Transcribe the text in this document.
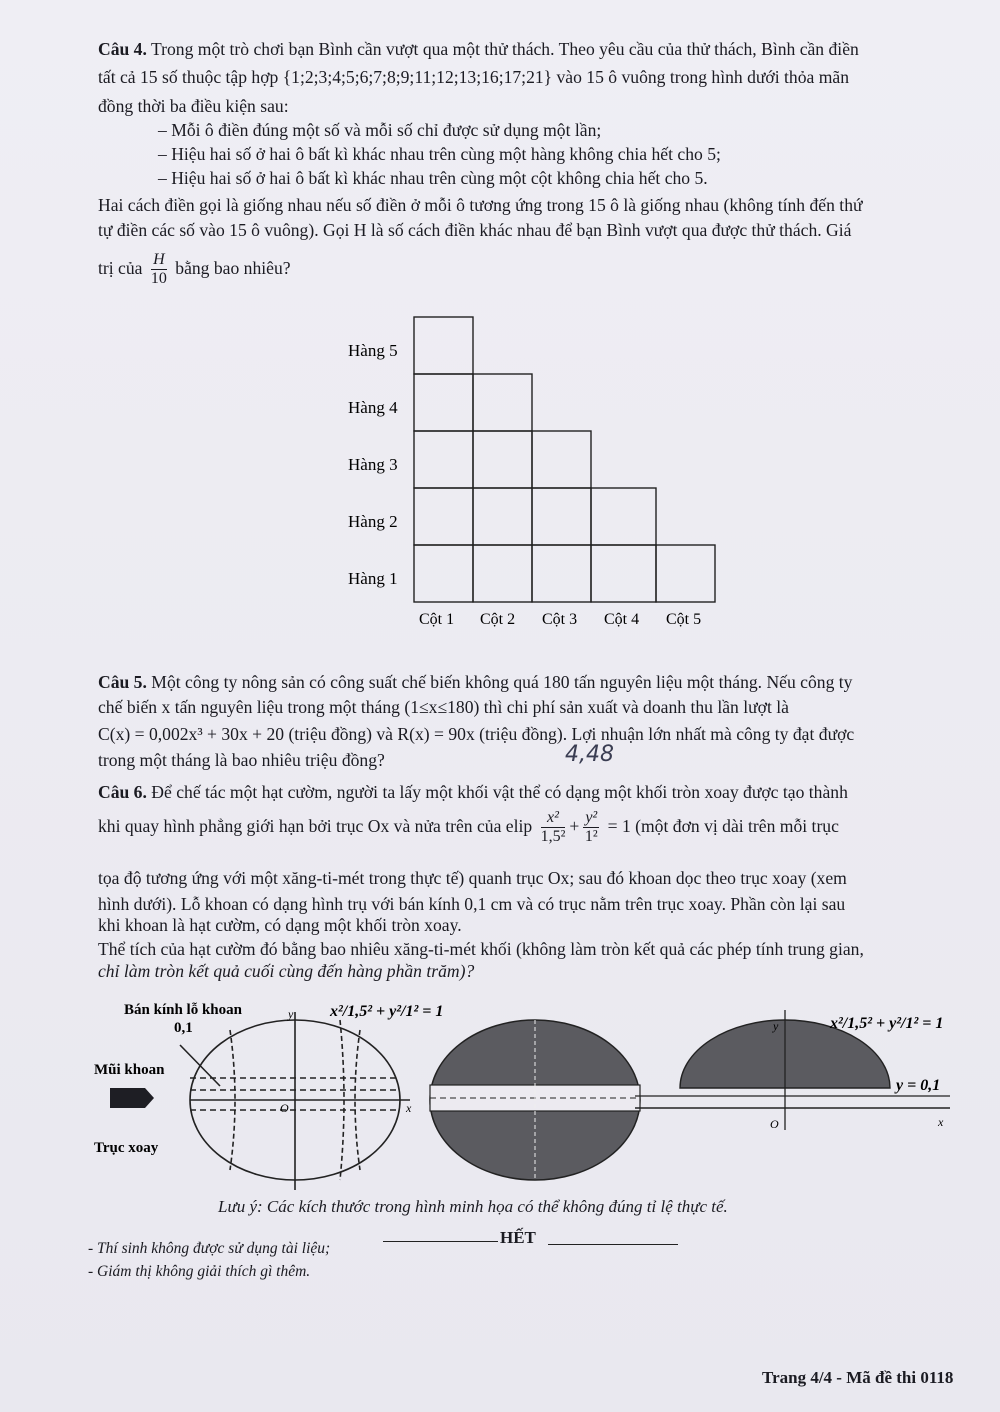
Câu 4. Trong một trò chơi bạn Bình cần vượt qua một thử thách. Theo yêu cầu của thử thách, Bình cần điền
tất cả 15 số thuộc tập hợp {1;2;3;4;5;6;7;8;9;11;12;13;16;17;21} vào 15 ô vuông trong hình dưới thỏa mãn
đồng thời ba điều kiện sau:
– Mỗi ô điền đúng một số và mỗi số chỉ được sử dụng một lần;
– Hiệu hai số ở hai ô bất kì khác nhau trên cùng một hàng không chia hết cho 5;
– Hiệu hai số ở hai ô bất kì khác nhau trên cùng một cột không chia hết cho 5.
Hai cách điền gọi là giống nhau nếu số điền ở mỗi ô tương ứng trong 15 ô là giống nhau (không tính đến thứ
tự điền các số vào 15 ô vuông). Gọi H là số cách điền khác nhau để bạn Bình vượt qua được thử thách. Giá
trị của $\frac{H}{10}$ bằng bao nhiêu?
Hàng 5
Hàng 4
Hàng 3
Hàng 2
Hàng 1
Cột 1 Cột 2 Cột 3 Cột 4 Cột 5
Câu 5. Một công ty nông sản có công suất chế biến không quá 180 tấn nguyên liệu một tháng. Nếu công ty
chế biến x tấn nguyên liệu trong một tháng (1≤x≤180) thì chi phí sản xuất và doanh thu lần lượt là
C(x) = 0,002x³ + 30x + 20 (triệu đồng) và R(x) = 90x (triệu đồng). Lợi nhuận lớn nhất mà công ty đạt được
trong một tháng là bao nhiêu triệu đồng?	4,48
Câu 6. Để chế tác một hạt cườm, người ta lấy một khối vật thể có dạng một khối tròn xoay được tạo thành
khi quay hình phẳng giới hạn bởi trục Ox và nửa trên của elip $\frac{\text{x²}}{\text{1,5²}} + \frac{\text{y²}}{\text{1²}} = 1$ (một đơn vị dài trên mỗi trục
tọa độ tương ứng với một xăng-ti-mét trong thực tế) quanh trục Ox; sau đó khoan dọc theo trục xoay (xem
hình dưới). Lỗ khoan có dạng hình trụ với bán kính 0,1 cm và có trục nằm trên trục xoay. Phần còn lại sau
khi khoan là hạt cườm, có dạng một khối tròn xoay.
Thể tích của hạt cườm đó bằng bao nhiêu xăng-ti-mét khối (không làm tròn kết quả các phép tính trung gian,
chỉ làm tròn kết quả cuối cùng đến hàng phần trăm)?
Bán kính lỗ khoan
0,1
Mũi khoan
Trục xoay
y
O	x
x²/1,5² + y²/1² = 1
y
O	x
x²/1,5² + y²/1² = 1
y = 0,1
Lưu ý: Các kích thước trong hình minh họa có thể không đúng tỉ lệ thực tế.
HẾT
- Thí sinh không được sử dụng tài liệu;
- Giám thị không giải thích gì thêm.
Trang 4/4 - Mã đề thi 0118
